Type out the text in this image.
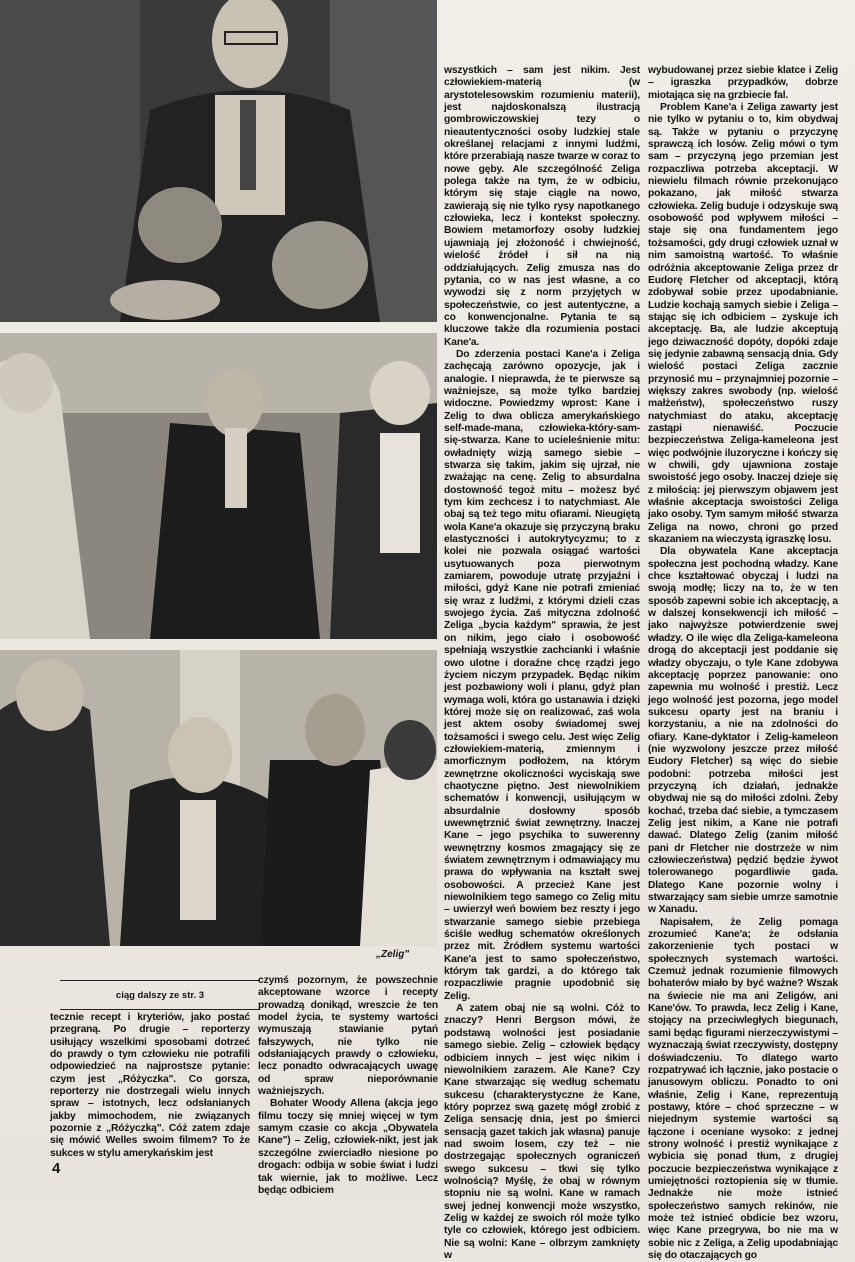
„Zelig"
ciąg dalszy ze str. 3

tecznie recept i kryteriów, jako postać przegraną. Po drugie – reporterzy usiłujący wszelkimi sposobami dotrzeć do prawdy o tym człowieku nie potrafili odpowiedzieć na najprostsze pytanie: czym jest „Różyczka". Co gorsza, reporterzy nie dostrzegali wielu innych spraw – istotnych, lecz odsłanianych jakby mimochodem, nie związanych pozornie z „Różyczką". Cóż zatem zdaje się mówić Welles swoim filmem? To że sukces w stylu amerykańskim jest

czymś pozornym, że powszechnie akceptowane wzorce i recepty prowadzą donikąd, wreszcie że ten model życia, te systemy wartości wymuszają stawianie pytań fałszywych, nie tylko nie odsłaniających prawdy o człowieku, lecz ponadto odwracających uwagę od spraw nieporównanie ważniejszych.

Bohater Woody Allena (akcja jego filmu toczy się mniej więcej w tym samym czasie co akcja „Obywatela Kane") – Zelig, człowiek-nikt, jest jak szczególne zwierciadło niesione po drogach: odbija w sobie świat i ludzi tak wiernie, jak to możliwe. Lecz będąc odbiciem

wszystkich – sam jest nikim. Jest człowiekiem-materią (w arystotelesowskim rozumieniu materii), jest najdoskonalszą ilustracją gombrowiczowskiej tezy o nieautentyczności osoby ludzkiej stale określanej relacjami z innymi ludźmi, które przerabiają nasze twarze w coraz to nowe gęby. Ale szczególność Zeliga polega także na tym, że w odbiciu, którym się staje ciągle na nowo, zawierają się nie tylko rysy napotkanego człowieka, lecz i kontekst społeczny. Bowiem metamorfozy osoby ludzkiej ujawniają jej złożoność i chwiejność, wielość źródeł i sił na nią oddziałujących. Zelig zmusza nas do pytania, co w nas jest własne, a co wywodzi się z norm przyjętych w społeczeństwie, co jest autentyczne, a co konwencjonalne. Pytania te są kluczowe także dla rozumienia postaci Kane'a.

Do zderzenia postaci Kane'a i Zeliga zachęcają zarówno opozycje, jak i analogie. I nieprawda, że te pierwsze są ważniejsze, są może tylko bardziej widoczne. Powiedzmy wprost: Kane i Zelig to dwa oblicza amerykańskiego self-made-mana, człowieka-który-sam-się-stwarza. Kane to ucieleśnienie mitu: owładnięty wizją samego siebie – stwarza się takim, jakim się ujrzał, nie zważając na cenę. Zelig to absurdalna dostowność tegoż mitu – możesz być tym kim zechcesz i to natychmiast. Ale obaj są też tego mitu ofiarami. Nieugiętą wola Kane'a okazuje się przyczyną braku elastyczności i autokrytycyzmu; to z kolei nie pozwala osiągać wartości usytuowanych poza pierwotnym zamiarem, powoduje utratę przyjaźni i miłości, gdyż Kane nie potrafi zmieniać się wraz z ludźmi, z którymi dzieli czas swojego życia. Zaś mityczna zdolność Zeliga „bycia każdym" sprawia, że jest on nikim, jego ciało i osobowość spełniają wszystkie zachcianki i właśnie owo ulotne i doraźne chcę rządzi jego życiem niczym przypadek. Będąc nikim jest pozbawiony woli i planu, gdyż plan wymaga woli, która go ustanawia i dzięki której może się on realizować, zaś wola jest aktem osoby świadomej swej tożsamości i swego celu. Jest więc Zelig człowiekiem-materią, zmiennym i amorficznym podłożem, na którym zewnętrzne okoliczności wyciskają swe chaotyczne piętno. Jest niewolnikiem schematów i konwencji, usiłującym w absurdalnie dosłowny sposób uwewnętrznić świat zewnętrzny. Inaczej Kane – jego psychika to suwerenny wewnętrzny kosmos zmagający się ze światem zewnętrznym i odmawiający mu prawa do wpływania na kształt swej osobowości. A przecież Kane jest niewolnikiem tego samego co Zelig mitu – uwierzył weń bowiem bez reszty i jego stwarzanie samego siebie przebiega ściśle według schematów określonych przez mit. Źródłem systemu wartości Kane'a jest to samo społeczeństwo, którym tak gardzi, a do którego tak rozpaczliwie pragnie upodobnić się Zelig.

A zatem obaj nie są wolni. Cóż to znaczy? Henri Bergson mówi, że podstawą wolności jest posiadanie samego siebie. Zelig – człowiek będący odbiciem innych – jest więc nikim i niewolnikiem zarazem. Ale Kane? Czy Kane stwarzając się według schematu sukcesu (charakterystyczne że Kane, który poprzez swą gazetę mógł zrobić z Zeliga sensację dnia, jest po śmierci sensacją gazet takich jak własna) panuje nad swoim losem, czy też – nie dostrzegając społecznych ograniczeń swego sukcesu – tkwi się tylko wolnością? Myślę, że obaj w równym stopniu nie są wolni. Kane w ramach swej jednej konwencji może wszystko, Zelig w każdej ze swoich ról może tylko tyle co człowiek, którego jest odbiciem. Nie są wolni: Kane – olbrzym zamknięty w

wybudowanej przez siebie klatce i Zelig – igraszka przypadków, dobrze miotająca się na grzbiecie fal.

Problem Kane'a i Zeliga zawarty jest nie tylko w pytaniu o to, kim obydwaj są. Także w pytaniu o przyczynę sprawczą ich losów. Zelig mówi o tym sam – przyczyną jego przemian jest rozpaczliwa potrzeba akceptacji. W niewielu filmach równie przekonująco pokazano, jak miłość stwarza człowieka. Zelig buduje i odzyskuje swą osobowość pod wpływem miłości – staje się ona fundamentem jego tożsamości, gdy drugi człowiek uznał w nim samoistną wartość. To właśnie odróżnia akceptowanie Zeliga przez dr Eudorę Fletcher od akceptacji, którą zdobywał sobie przez upodabnianie. Ludzie kochają samych siebie i Zeliga – stając się ich odbiciem – zyskuje ich akceptację. Ba, ale ludzie akceptują jego dziwaczność dopóty, dopóki zdaje się jedynie zabawną sensacją dnia. Gdy wielość postaci Zeliga zacznie przynosić mu – przynajmniej pozornie – większy zakres swobody (np. wielość małżeństw), społeczeństwo ruszy natychmiast do ataku, akceptację zastąpi nienawiść. Poczucie bezpieczeństwa Zeliga-kameleona jest więc podwójnie iluzoryczne i kończy się w chwili, gdy ujawniona zostaje swoistość jego osoby. Inaczej dzieje się z miłością: jej pierwszym objawem jest właśnie akceptacja swoistości Zeliga jako osoby. Tym samym miłość stwarza Zeliga na nowo, chroni go przed skazaniem na wieczystą igraszkę losu.

Dla obywatela Kane akceptacja społeczna jest pochodną władzy. Kane chce kształtować obyczaj i ludzi na swoją modłę; liczy na to, że w ten sposób zapewni sobie ich akceptację, a w dalszej konsekwencji ich miłość – jako najwyższe potwierdzenie swej władzy. O ile więc dla Zeliga-kameleona drogą do akceptacji jest poddanie się władzy obyczaju, o tyle Kane zdobywa akceptację poprzez panowanie: ono zapewnia mu wolność i prestiż. Lecz jego wolność jest pozorna, jego model sukcesu oparty jest na braniu i korzystaniu, a nie na zdolności do ofiary. Kane-dyktator i Zelig-kameleon (nie wyzwolony jeszcze przez miłość Eudory Fletcher) są więc do siebie podobni: potrzeba miłości jest przyczyną ich działań, jednakże obydwaj nie są do miłości zdolni. Żeby kochać, trzeba dać siebie, a tymczasem Zelig jest nikim, a Kane nie potrafi dawać. Dlatego Zelig (zanim miłość pani dr Fletcher nie dostrzeże w nim człowieczeństwa) pędzić będzie żywot tolerowanego pogardliwie gada. Dlatego Kane pozornie wolny i stwarzający sam siebie umrze samotnie w Xanadu.

Napisałem, że Zelig pomaga zrozumieć Kane'a; że odsłania zakorzenienie tych postaci w społecznych systemach wartości. Czemuż jednak rozumienie filmowych bohaterów miało by być ważne? Wszak na świecie nie ma ani Zeligów, ani Kane'ów. To prawda, lecz Zelig i Kane, stojący na przeciwległych biegunach, sami będąc figurami nierzeczywistymi – wyznaczają świat rzeczywisty, dostępny doświadczeniu. To dlatego warto rozpatrywać ich łącznie, jako postacie o janusowym obliczu. Ponadto to oni właśnie, Zelig i Kane, reprezentują postawy, które – choć sprzeczne – w niejednym systemie wartości są łączone i oceniane wysoko: z jednej strony wolność i prestiż wynikające z wybicia się ponad tłum, z drugiej poczucie bezpieczeństwa wynikające z umiejętności roztopienia się w tłumie. Jednakże nie może istnieć społeczeństwo samych rekinów, nie może też istnieć obdicie bez wzoru, więc Kane przegrywa, bo nie ma w sobie nic z Zeliga, a Zelig upodabniając się do otaczających go

4
